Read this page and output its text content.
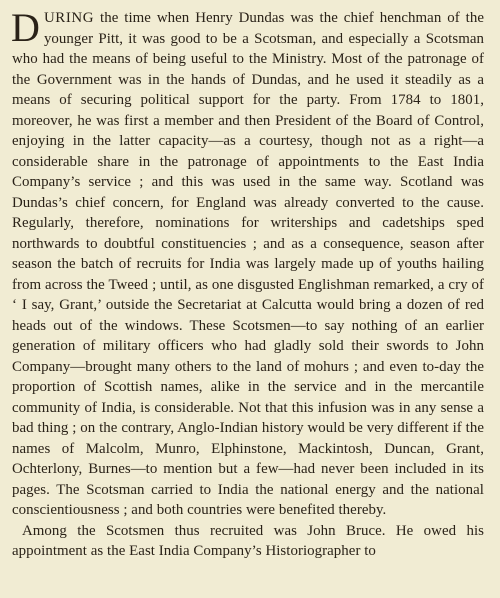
DURING the time when Henry Dundas was the chief henchman of the younger Pitt, it was good to be a Scotsman, and especially a Scotsman who had the means of being useful to the Ministry. Most of the patronage of the Government was in the hands of Dundas, and he used it steadily as a means of securing political support for the party. From 1784 to 1801, moreover, he was first a member and then President of the Board of Control, enjoying in the latter capacity—as a courtesy, though not as a right—a considerable share in the patronage of appointments to the East India Company’s service ; and this was used in the same way. Scotland was Dundas’s chief concern, for England was already converted to the cause. Regularly, therefore, nominations for writerships and cadetships sped northwards to doubtful constituencies ; and as a consequence, season after season the batch of recruits for India was largely made up of youths hailing from across the Tweed ; until, as one disgusted Englishman remarked, a cry of ‘ I say, Grant,’ outside the Secretariat at Calcutta would bring a dozen of red heads out of the windows. These Scotsmen—to say nothing of an earlier generation of military officers who had gladly sold their swords to John Company—brought many others to the land of mohurs ; and even to-day the proportion of Scottish names, alike in the service and in the mercantile community of India, is considerable. Not that this infusion was in any sense a bad thing ; on the contrary, Anglo-Indian history would be very different if the names of Malcolm, Munro, Elphinstone, Mackintosh, Duncan, Grant, Ochterlony, Burnes—to mention but a few—had never been included in its pages. The Scotsman carried to India the national energy and the national conscientiousness ; and both countries were benefited thereby.

Among the Scotsmen thus recruited was John Bruce. He owed his appointment as the East India Company’s Historiographer to
